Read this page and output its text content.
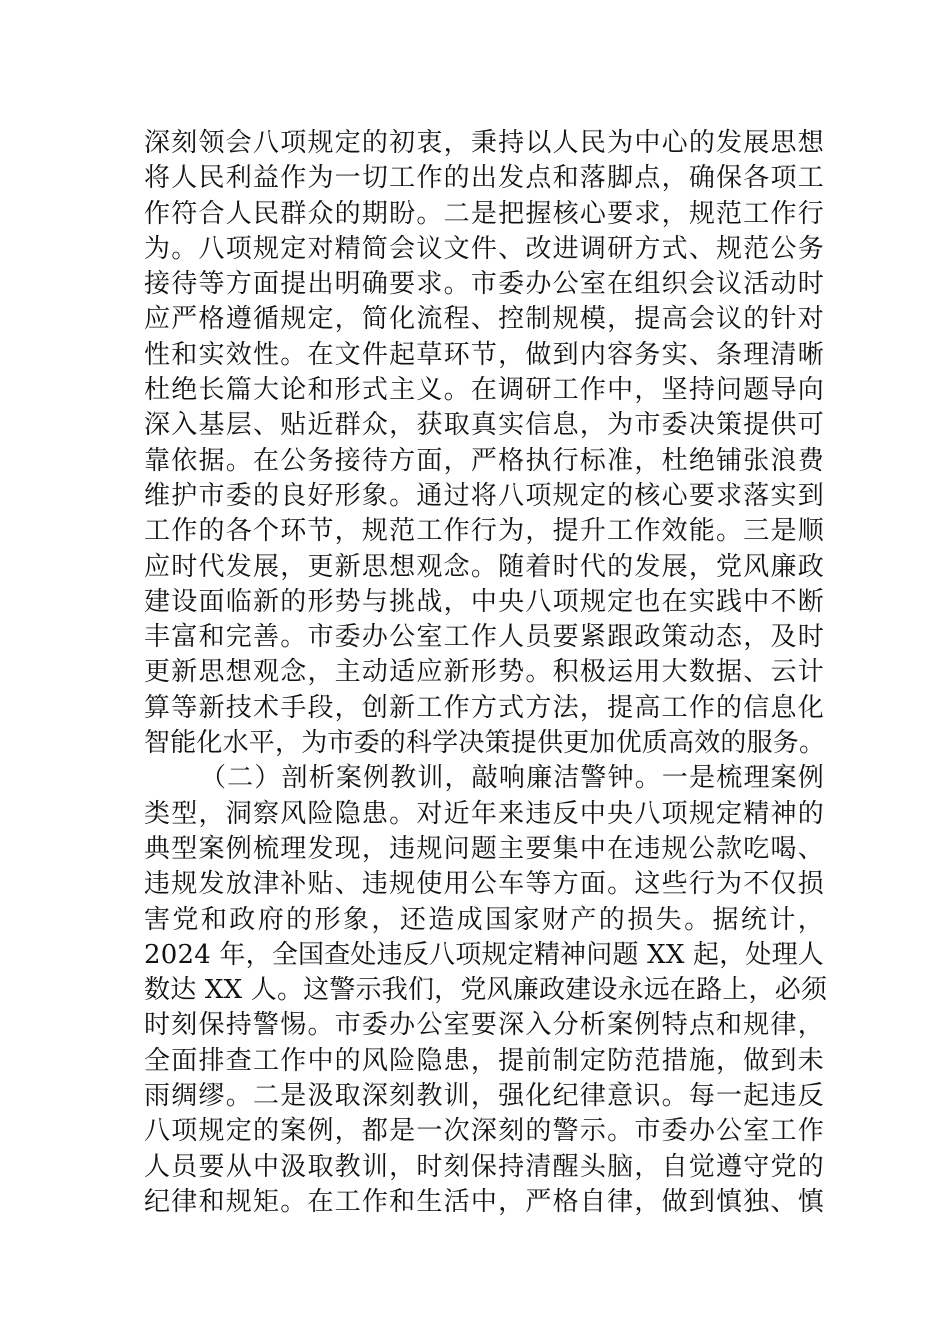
深刻领会八项规定的初衷，秉持以人民为中心的发展思想
将人民利益作为一切工作的出发点和落脚点，确保各项工
作符合人民群众的期盼。二是把握核心要求，规范工作行
为。八项规定对精简会议文件、改进调研方式、规范公务
接待等方面提出明确要求。市委办公室在组织会议活动时
应严格遵循规定，简化流程、控制规模，提高会议的针对
性和实效性。在文件起草环节，做到内容务实、条理清晰
杜绝长篇大论和形式主义。在调研工作中，坚持问题导向
深入基层、贴近群众，获取真实信息，为市委决策提供可
靠依据。在公务接待方面，严格执行标准，杜绝铺张浪费
维护市委的良好形象。通过将八项规定的核心要求落实到
工作的各个环节，规范工作行为，提升工作效能。三是顺
应时代发展，更新思想观念。随着时代的发展，党风廉政
建设面临新的形势与挑战，中央八项规定也在实践中不断
丰富和完善。市委办公室工作人员要紧跟政策动态，及时
更新思想观念，主动适应新形势。积极运用大数据、云计
算等新技术手段，创新工作方式方法，提高工作的信息化
智能化水平，为市委的科学决策提供更加优质高效的服务。
（二）剖析案例教训，敲响廉洁警钟。一是梳理案例
类型，洞察风险隐患。对近年来违反中央八项规定精神的
典型案例梳理发现，违规问题主要集中在违规公款吃喝、
违规发放津补贴、违规使用公车等方面。这些行为不仅损
害党和政府的形象，还造成国家财产的损失。据统计，
2024 年，全国查处违反八项规定精神问题 XX 起，处理人
数达 XX 人。这警示我们，党风廉政建设永远在路上，必须
时刻保持警惕。市委办公室要深入分析案例特点和规律，
全面排查工作中的风险隐患，提前制定防范措施，做到未
雨绸缪。二是汲取深刻教训，强化纪律意识。每一起违反
八项规定的案例，都是一次深刻的警示。市委办公室工作
人员要从中汲取教训，时刻保持清醒头脑，自觉遵守党的
纪律和规矩。在工作和生活中，严格自律，做到慎独、慎
